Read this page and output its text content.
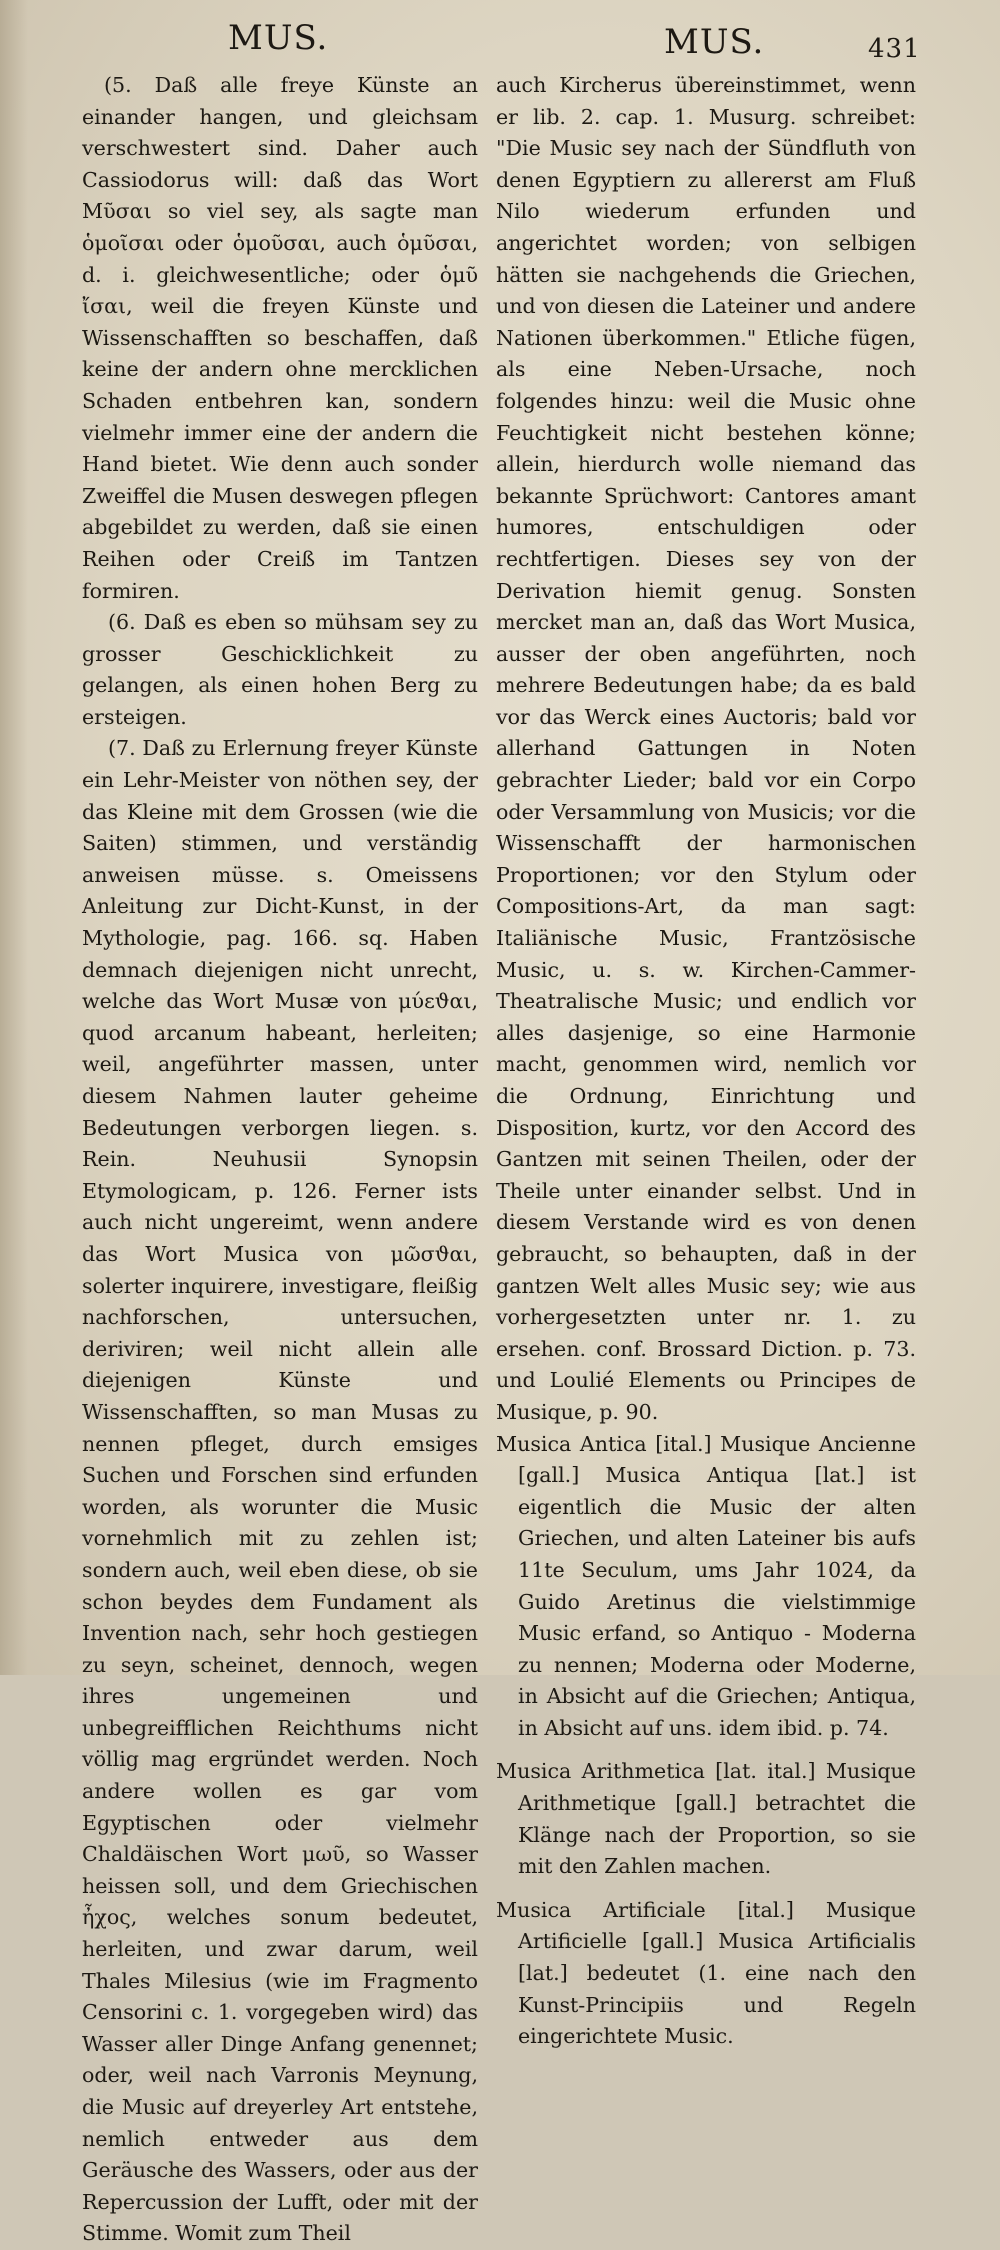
MUS.	MUS.	431

(5. Daß alle freye Künste an einander hangen, und gleichsam verschwestert sind. Daher auch Cassiodorus will: daß das Wort Μῦσαι so viel sey, als sagte man ὁμοῖσαι oder ὁμοῦσαι, auch ὁμῦσαι, d. i. gleichwesentliche; oder ὁμῦ ἴσαι, weil die freyen Künste und Wissenschafften so beschaffen, daß keine der andern ohne mercklichen Schaden entbehren kan, sondern vielmehr immer eine der andern die Hand bietet. Wie denn auch sonder Zweiffel die Musen deswegen pflegen abgebildet zu werden, daß sie einen Reihen oder Creiß im Tantzen formiren.

(6. Daß es eben so mühsam sey zu grosser Geschicklichkeit zu gelangen, als einen hohen Berg zu ersteigen.

(7. Daß zu Erlernung freyer Künste ein Lehr-Meister von nöthen sey, der das Kleine mit dem Grossen (wie die Saiten) stimmen, und verständig anweisen müsse. s. Omeissens Anleitung zur Dicht-Kunst, in der Mythologie, pag. 166. sq. Haben demnach diejenigen nicht unrecht, welche das Wort Musæ von μύεϑαι, quod arcanum habeant, herleiten; weil, angeführter massen, unter diesem Nahmen lauter geheime Bedeutungen verborgen liegen. s. Rein. Neuhusii Synopsin Etymologicam, p. 126. Ferner ists auch nicht ungereimt, wenn andere das Wort Musica von μῶσϑαι, solerter inquirere, investigare, fleißig nachforschen, untersuchen, deriviren; weil nicht allein alle diejenigen Künste und Wissenschafften, so man Musas zu nennen pfleget, durch emsiges Suchen und Forschen sind erfunden worden, als worunter die Music vornehmlich mit zu zehlen ist; sondern auch, weil eben diese, ob sie schon beydes dem Fundament als Invention nach, sehr hoch gestiegen zu seyn, scheinet, dennoch, wegen ihres ungemeinen und unbegreifflichen Reichthums nicht völlig mag ergründet werden. Noch andere wollen es gar vom Egyptischen oder vielmehr Chaldäischen Wort μωῦ, so Wasser heissen soll, und dem Griechischen ἦχος, welches sonum bedeutet, herleiten, und zwar darum, weil Thales Milesius (wie im Fragmento Censorini c. 1. vorgegeben wird) das Wasser aller Dinge Anfang genennet; oder, weil nach Varronis Meynung, die Music auf dreyerley Art entstehe, nemlich entweder aus dem Geräusche des Wassers, oder aus der Repercussion der Lufft, oder mit der Stimme. Womit zum Theil

auch Kircherus übereinstimmet, wenn er lib. 2. cap. 1. Musurg. schreibet: "Die Music sey nach der Sündfluth von denen Egyptiern zu allererst am Fluß Nilo wiederum erfunden und angerichtet worden; von selbigen hätten sie nachgehends die Griechen, und von diesen die Lateiner und andere Nationen überkommen." Etliche fügen, als eine Neben-Ursache, noch folgendes hinzu: weil die Music ohne Feuchtigkeit nicht bestehen könne; allein, hierdurch wolle niemand das bekannte Sprüchwort: Cantores amant humores, entschuldigen oder rechtfertigen. Dieses sey von der Derivation hiemit genug. Sonsten mercket man an, daß das Wort Musica, ausser der oben angeführten, noch mehrere Bedeutungen habe; da es bald vor das Werck eines Auctoris; bald vor allerhand Gattungen in Noten gebrachter Lieder; bald vor ein Corpo oder Versammlung von Musicis; vor die Wissenschafft der harmonischen Proportionen; vor den Stylum oder Compositions-Art, da man sagt: Italiänische Music, Frantzösische Music, u. s. w. Kirchen-Cammer-Theatralische Music; und endlich vor alles dasjenige, so eine Harmonie macht, genommen wird, nemlich vor die Ordnung, Einrichtung und Disposition, kurtz, vor den Accord des Gantzen mit seinen Theilen, oder der Theile unter einander selbst. Und in diesem Verstande wird es von denen gebraucht, so behaupten, daß in der gantzen Welt alles Music sey; wie aus vorhergesetzten unter nr. 1. zu ersehen. conf. Brossard Diction. p. 73. und Loulié Elements ou Principes de Musique, p. 90.

Musica Antica [ital.] Musique Ancienne [gall.] Musica Antiqua [lat.] ist eigentlich die Music der alten Griechen, und alten Lateiner bis aufs 11te Seculum, ums Jahr 1024, da Guido Aretinus die vielstimmige Music erfand, so Antiquo - Moderna zu nennen; Moderna oder Moderne, in Absicht auf die Griechen; Antiqua, in Absicht auf uns. idem ibid. p. 74.

Musica Arithmetica [lat. ital.] Musique Arithmetique [gall.] betrachtet die Klänge nach der Proportion, so sie mit den Zahlen machen.

Musica Artificiale [ital.] Musique Artificielle [gall.] Musica Artificialis [lat.] bedeutet (1. eine nach den Kunst-Principiis und Regeln eingerichtete Music.
